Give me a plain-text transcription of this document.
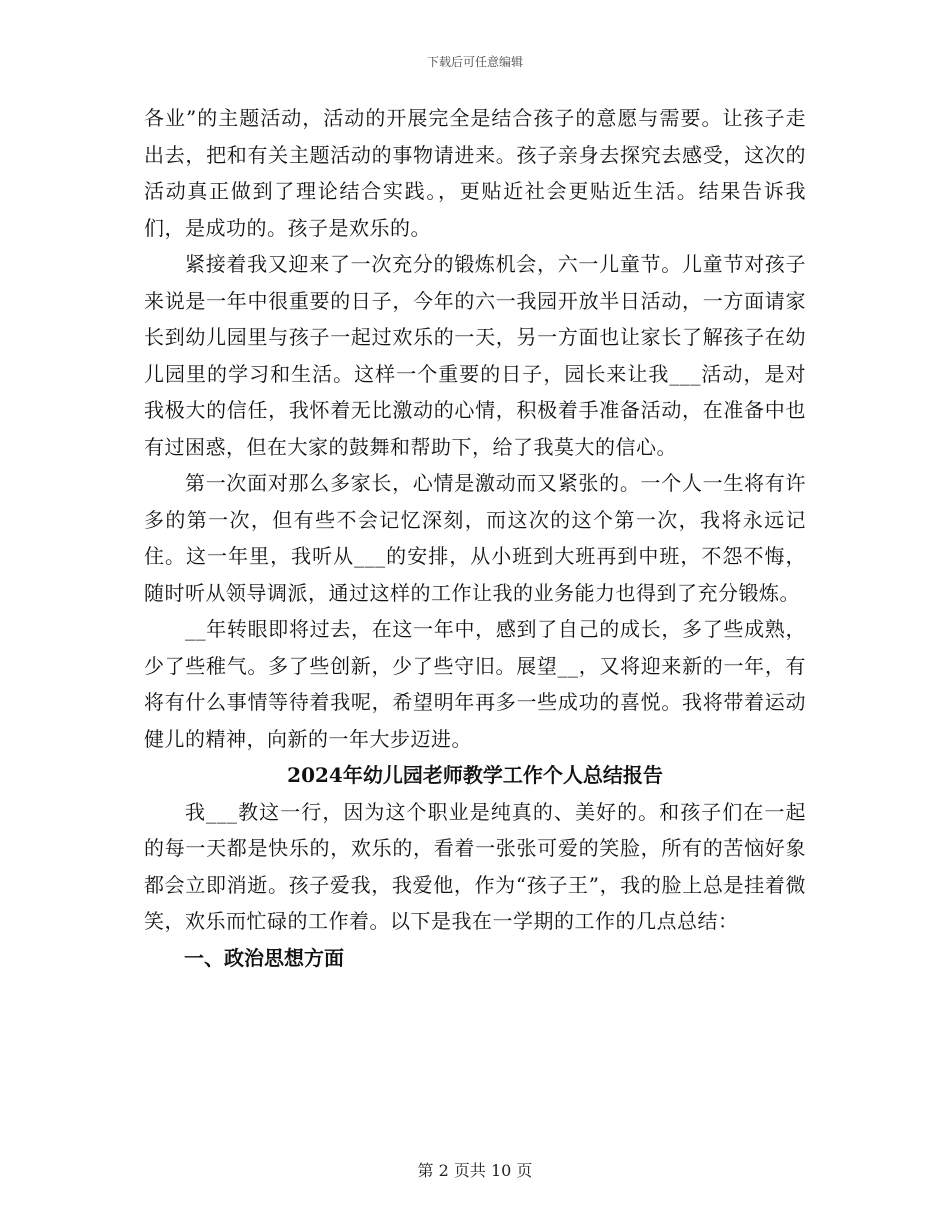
下载后可任意编辑

各业”的主题活动，活动的开展完全是结合孩子的意愿与需要。让孩子走出去，把和有关主题活动的事物请进来。孩子亲身去探究去感受，这次的活动真正做到了理论结合实践。，更贴近社会更贴近生活。结果告诉我们，是成功的。孩子是欢乐的。

紧接着我又迎来了一次充分的锻炼机会，六一儿童节。儿童节对孩子来说是一年中很重要的日子，今年的六一我园开放半日活动，一方面请家长到幼儿园里与孩子一起过欢乐的一天，另一方面也让家长了解孩子在幼儿园里的学习和生活。这样一个重要的日子，园长来让我___活动，是对我极大的信任，我怀着无比激动的心情，积极着手准备活动，在准备中也有过困惑，但在大家的鼓舞和帮助下，给了我莫大的信心。

第一次面对那么多家长，心情是激动而又紧张的。一个人一生将有许多的第一次，但有些不会记忆深刻，而这次的这个第一次，我将永远记住。这一年里，我听从___的安排，从小班到大班再到中班，不怨不悔，随时听从领导调派，通过这样的工作让我的业务能力也得到了充分锻炼。

__年转眼即将过去，在这一年中，感到了自己的成长，多了些成熟，少了些稚气。多了些创新，少了些守旧。展望__，又将迎来新的一年，有将有什么事情等待着我呢，希望明年再多一些成功的喜悦。我将带着运动健儿的精神，向新的一年大步迈进。

2024年幼儿园老师教学工作个人总结报告

我___教这一行，因为这个职业是纯真的、美好的。和孩子们在一起的每一天都是快乐的，欢乐的，看着一张张可爱的笑脸，所有的苦恼好象都会立即消逝。孩子爱我，我爱他，作为“孩子王”，我的脸上总是挂着微笑，欢乐而忙碌的工作着。以下是我在一学期的工作的几点总结：

一、政治思想方面
第 2 页共 10 页
